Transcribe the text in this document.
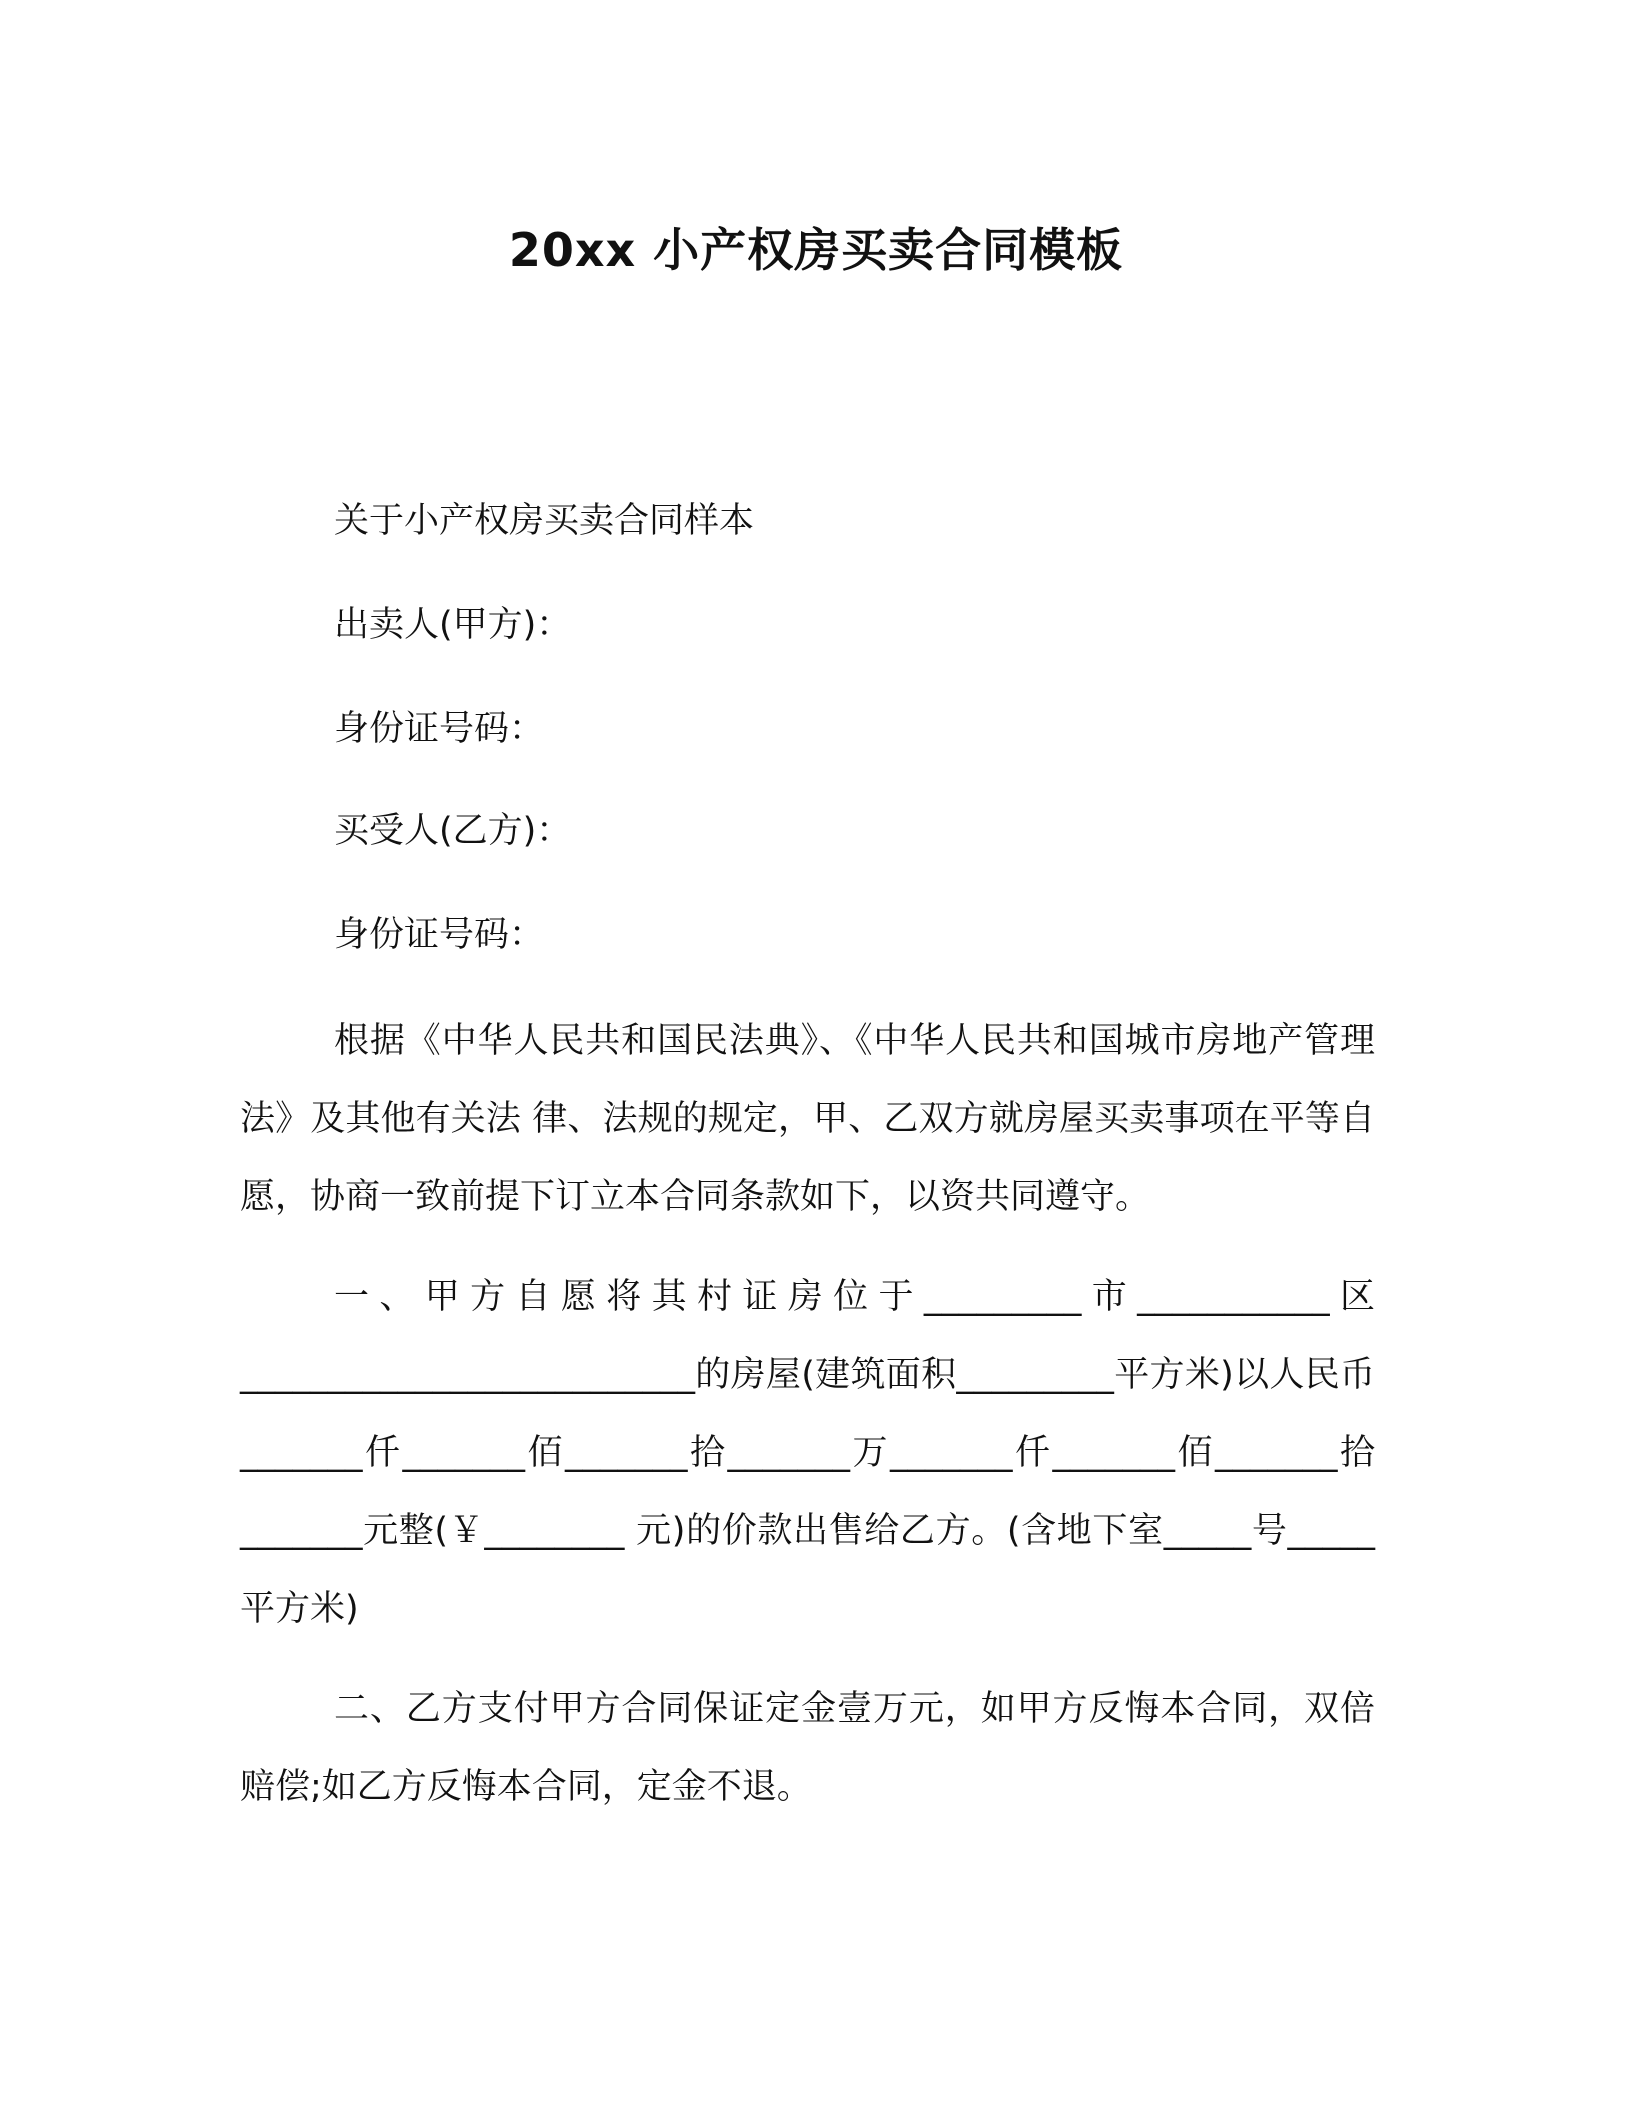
20xx 小产权房买卖合同模板
关于小产权房买卖合同样本
出卖人(甲方)：
身份证号码：
买受人(乙方)：
身份证号码：

根据《中华人民共和国民法典》、《中华人民共和国城市房地产管理法》及其他有关法 律、法规的规定，甲、乙双方就房屋买卖事项在平等自愿，协商一致前提下订立本合同条款如下，以资共同遵守。

一、甲方自愿将其村证房位于_________市___________区__________________________的房屋(建筑面积_________平方米)以人民币_______仟_______佰_______拾_______万_______仟_______佰_______拾_______元整(￥________ 元)的价款出售给乙方。(含地下室_____号_____平方米)

二、乙方支付甲方合同保证定金壹万元，如甲方反悔本合同，双倍赔偿;如乙方反悔本合同，定金不退。
